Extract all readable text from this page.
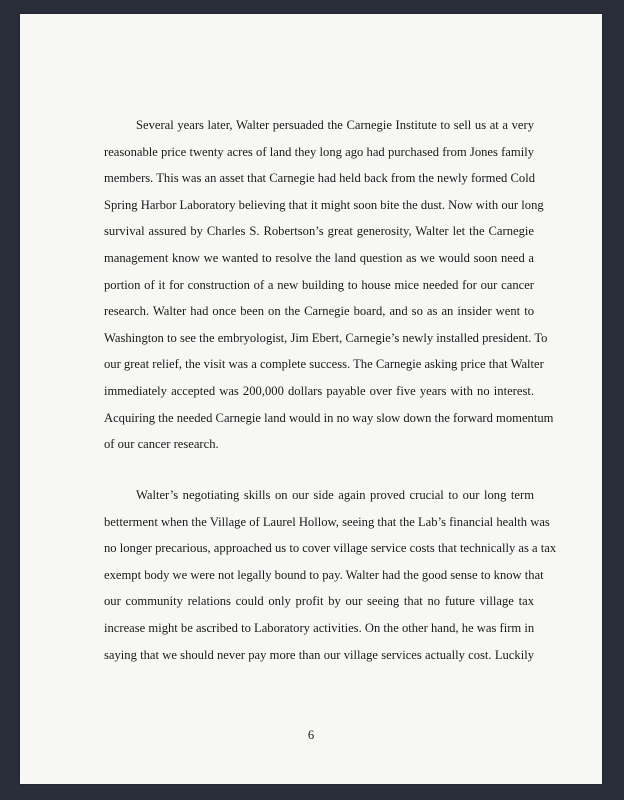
Several years later, Walter persuaded the Carnegie Institute to sell us at a very
reasonable price twenty acres of land they long ago had purchased from Jones family
members. This was an asset that Carnegie had held back from the newly formed Cold
Spring Harbor Laboratory believing that it might soon bite the dust. Now with our long
survival assured by Charles S. Robertson’s great generosity, Walter let the Carnegie
management know we wanted to resolve the land question as we would soon need a
portion of it for construction of a new building to house mice needed for our cancer
research. Walter had once been on the Carnegie board, and so as an insider went to
Washington to see the embryologist, Jim Ebert, Carnegie’s newly installed president. To
our great relief, the visit was a complete success. The Carnegie asking price that Walter
immediately accepted was 200,000 dollars payable over five years with no interest.
Acquiring the needed Carnegie land would in no way slow down the forward momentum
of our cancer research.
Walter’s negotiating skills on our side again proved crucial to our long term
betterment when the Village of Laurel Hollow, seeing that the Lab’s financial health was
no longer precarious, approached us to cover village service costs that technically as a tax
exempt body we were not legally bound to pay. Walter had the good sense to know that
our community relations could only profit by our seeing that no future village tax
increase might be ascribed to Laboratory activities. On the other hand, he was firm in
saying that we should never pay more than our village services actually cost. Luckily
6
